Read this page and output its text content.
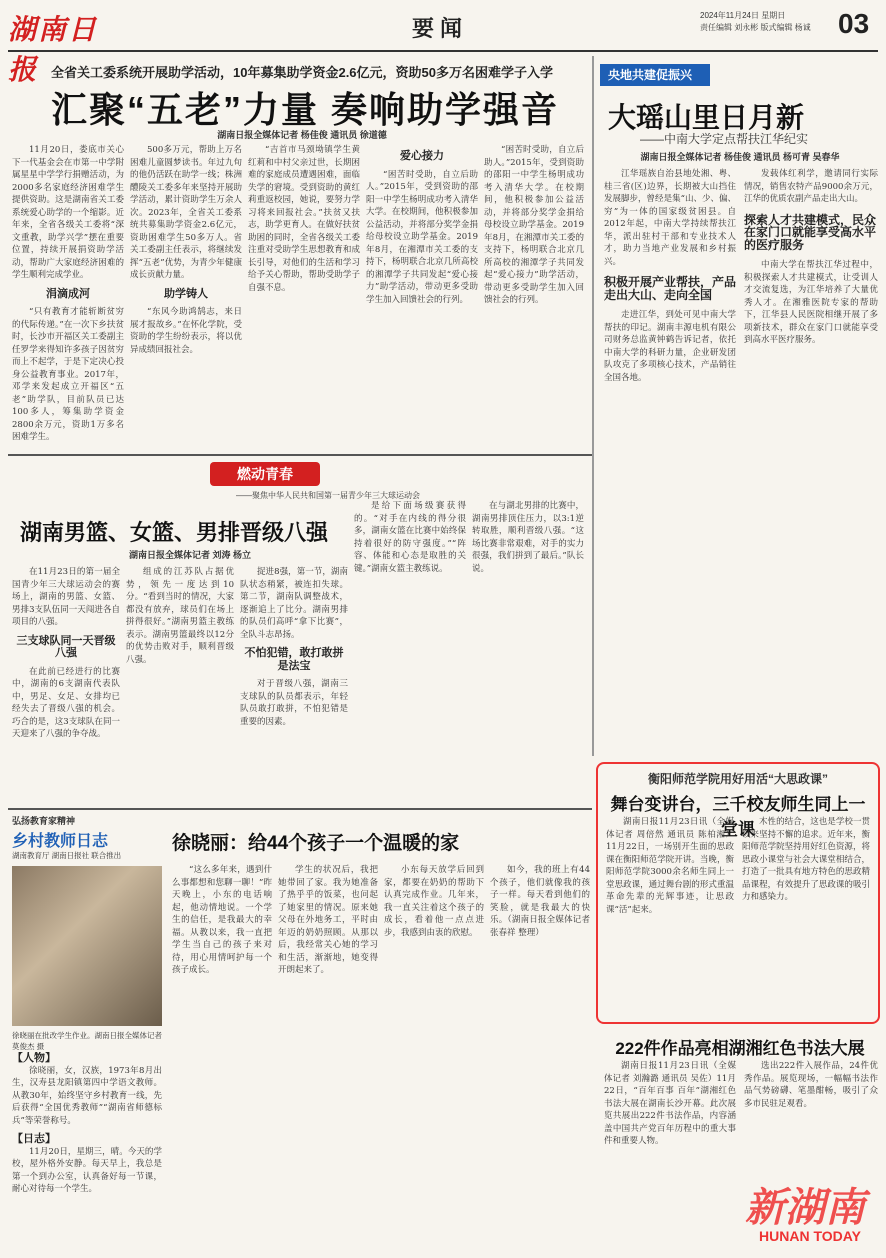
湖南日报
要闻
2024年11月24日 星期日
责任编辑 刘永彬 版式编辑 杨诚 03
全省关工委系统开展助学活动，10年募集助学资金2.6亿元，资助50多万名困难学子入学
汇聚“五老”力量 奏响助学强音
湖南日报全媒体记者 杨佳俊 通讯员 徐道德

11月20日，娄底市关心下一代基金会在市第一中学附属星星中学学行捐赠活动，为2000多名家庭经济困难学生提供资助。这是湖南省关工委系统爱心助学的一个缩影。近年来，全省各级关工委将“深文重教，助学兴学”摆在重要位置，持续开展捐资助学活动，帮助广大家庭经济困难的学生顺利完成学业。

涓滴成河

“只有教育才能斩断贫穷的代际传递。”在一次下乡扶贫时，长沙市开福区关工委副主任罗学来得知许多孩子因贫穷而上不起学，于是下定决心投身公益教育事业。2017年，邓学来发起成立开福区“五老”助学队，目前队员已达100多人，筹集助学资金2800余万元，资助1万多名困难学生。

500多万元，帮助上万名困难儿童圆梦读书。年过九旬的他仍活跃在助学一线；株洲醴陵关工委多年来坚持开展助学活动，累计资助学生万余人次。2023年，全省关工委系统共募集助学资金2.6亿元，资助困难学生50多万人。省关工委副主任表示，将继续发挥“五老”优势，为青少年健康成长贡献力量。

助学铸人

“东风今助鸿鹄志，来日展才报故乡。”在怀化学院，受资助的学生纷纷表示，将以优异成绩回报社会。

“吉首市马颈坳镇学生黄红莉和中村父亲过世，长期困难的家庭成员遭遇困难，面临失学的窘境。受到资助的黄红莉重返校园，她说，要努力学习将来回报社会。”扶贫又扶志，助学更育人。在做好扶贫助困的同时，全省各级关工委注重对受助学生思想教育和成长引导，对他们的生活和学习给予关心帮助，帮助受助学子自强不息。

爱心接力

“困苦时受助，自立后助人。”2015年，受到资助的邵阳一中学生杨明成功考入清华大学。在校期间，他积极参加公益活动，并将部分奖学金捐给母校设立助学基金。2019年8月，在湘潭市关工委的支持下，杨明联合北京几所高校的湘潭学子共同发起“爱心接力”助学活动，带动更多受助学生加入回馈社会的行列。

“困苦时受助，自立后助人。”2015年，受到资助的邵阳一中学生杨明成功考入清华大学。在校期间，他积极参加公益活动，并将部分奖学金捐给母校设立助学基金。2019年8月，在湘潭市关工委的支持下，杨明联合北京几所高校的湘潭学子共同发起“爱心接力”助学活动，带动更多受助学生加入回馈社会的行列。

央地共建促振兴
大瑶山里日月新
——中南大学定点帮扶江华纪实
湖南日报全媒体记者 杨佳俊 通讯员 杨可青 吴春华

江华瑶族自治县地处湘、粤、桂三省(区)边界，长期被大山挡住发展脚步，曾经是集“山、少、偏、穷”为一体的国家级贫困县。自2012年起，中南大学持续帮扶江华，派出驻村干部和专业技术人才，助力当地产业发展和乡村振兴。

积极开展产业帮扶，产品走出大山、走向全国

走进江华，到处可见中南大学帮扶的印记。湖南丰源电机有限公司财务总监黄钟鹤告诉记者，依托中南大学的科研力量，企业研发团队攻克了多项核心技术，产品销往全国各地。

发载体红利学，邀请同行实际情况，销售农特产品9000余万元，江华的优质农副产品走出大山。

探索人才共建模式，民众在家门口就能享受高水平的医疗服务

中南大学在帮扶江华过程中，积极探索人才共建模式，让受训人才交流复选，为江华培养了大量优秀人才。在湘雅医院专家的帮助下，江华县人民医院相继开展了多项新技术，群众在家门口就能享受到高水平医疗服务。

燃动青春
——聚焦中华人民共和国第一届青少年三大球运动会
湖南男篮、女篮、男排晋级八强
湖南日报全媒体记者 刘涛 杨立

在11月23日的第一届全国青少年三大球运动会的赛场上，湖南的男篮、女篮、男排3支队伍同一天闯进各自项目的八强。

三支球队同一天晋级八强

在此前已经进行的比赛中，湖南的6支湖南代表队中，男足、女足、女排均已经失去了晋级八强的机会。巧合的是，这3支球队在同一天迎来了八强的争夺战。

组成的江苏队占据优势，领先一度达到10分。“看到当时的情况，大家都没有放弃，球员们在场上拼得很好。”湖南男篮主教练表示。湖南男篮最终以12分的优势击败对手，顺利晋级八强。

捉进8强，第一节，湖南队状态稍紧，被连扣失球。第二节，湖南队调整战术，逐渐追上了比分。湖南男排的队员们高呼“拿下比赛”，全队斗志昂扬。

不怕犯错，敢打敢拼是法宝

对于晋级八强，湖南三支球队的队员都表示，年轻队员敢打敢拼，不怕犯错是重要的因素。

是给下面场级赛获得的。“对手在内线的得分很多，湖南女篮在比赛中始终保持着很好的防守强度。”“阵容、体能和心态是取胜的关键。”湖南女篮主教练说。

在与湖北男排的比赛中，湖南男排顶住压力，以3:1逆转取胜，顺利晋级八强。“这场比赛非常艰难，对手的实力很强，我们拼到了最后。”队长说。

弘扬教育家精神
乡村教师日志
湖南教育厅 湖南日报社 联合推出
徐晓丽在批改学生作业。湖南日报全媒体记者 莫俊杰 摄
【人物】

徐晓丽，女，汉族，1973年8月出生，汉寿县龙阳镇第四中学语文教师。从教30年，始终坚守乡村教育一线，先后获得“全国优秀教师”“湖南省师德标兵”等荣誉称号。

【日志】

11月20日，星期三，晴。今天的学校，屋外格外安静。每天早上，我总是第一个到办公室，认真备好每一节课，耐心对待每一个学生。

徐晓丽：给44个孩子一个温暖的家

“这么多年来，遇到什么事都想和您聊一聊！”昨天晚上，小东的电话响起，他动情地说。一个学生的信任，是我最大的幸福。从教以来，我一直把学生当自己的孩子来对待，用心用情呵护每一个孩子成长。

学生的状况后，我把她带回了家。我为她准备了热乎乎的饭菜，也问起了她家里的情况。原来她父母在外地务工，平时由年迈的奶奶照顾。从那以后，我经常关心她的学习和生活，渐渐地，她变得开朗起来了。

小东每天放学后回到家，都要在奶奶的帮助下认真完成作业。几年来，我一直关注着这个孩子的成长，看着他一点点进步，我感到由衷的欣慰。

如今，我的班上有44个孩子，他们就像我的孩子一样。每天看到他们的笑脸，就是我最大的快乐。（湖南日报全媒体记者 张春祥 整理）

衡阳师范学院用好用活“大思政课”
舞台变讲台，三千校友师生同上一堂课

湖南日报11月23日讯（全媒体记者 周倍然 通讯员 陈柏湘）11月22日，一场别开生面的思政课在衡阳师范学院开讲。当晚，衡阳师范学院3000余名师生同上一堂思政课，通过舞台剧的形式重温革命先辈的光辉事迹，让思政课“活”起来。

木性的结合，这也是学校一贯以来坚持不懈的追求。近年来，衡阳师范学院坚持用好红色资源，将思政小课堂与社会大课堂相结合，打造了一批具有地方特色的思政精品课程，有效提升了思政课的吸引力和感染力。

222件作品亮相湖湘红色书法大展

湖南日报11月23日讯（全媒体记者 刘瀚潞 通讯员 吴佐）11月22日，“百年百事 百年”湖湘红色书法大展在湖南长沙开幕。此次展览共展出222件书法作品，内容涵盖中国共产党百年历程中的重大事件和重要人物。

选出222件入展作品，24件优秀作品。展览现场，一幅幅书法作品气势磅礴、笔墨酣畅，吸引了众多市民驻足观看。

新湖南
HUNAN TODAY
